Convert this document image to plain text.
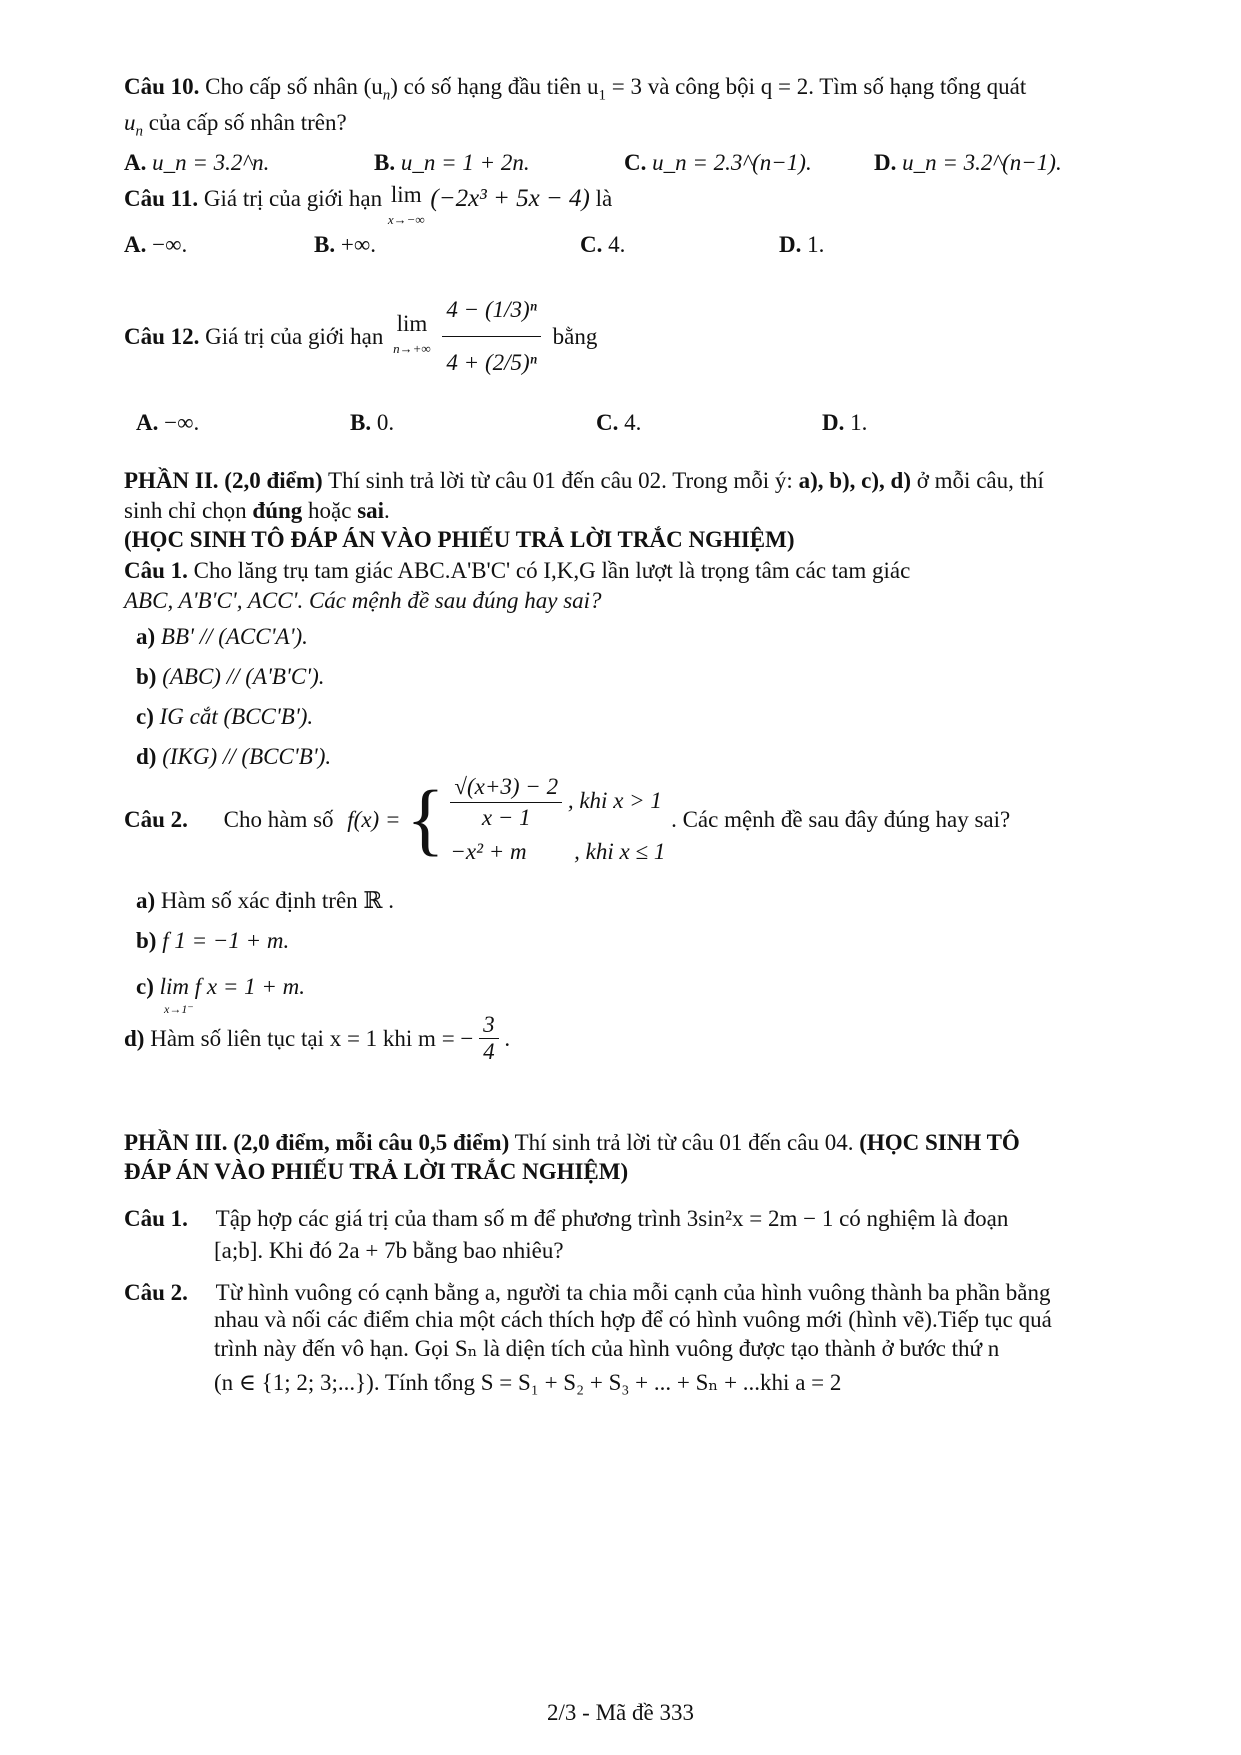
Câu 10. Cho cấp số nhân $(u_n)$ có số hạng đầu tiên $u_1 = 3$ và công bội q = 2. Tìm số hạng tổng quát
$u_n$ của cấp số nhân trên?
A. u_n = 3.2^n.	B. u_n = 1 + 2n.	C. u_n = 2.3^(n−1).	D. u_n = 3.2^(n−1).
Câu 11. Giá trị của giới hạn lim
x→−∞ (−2x³ + 5x − 4) là
A. −∞.	B. +∞.	C. 4.	D. 1.
Câu 12. Giá trị của giới hạn lim
$n\to+\infty \frac{\text{4 − (1/3)ⁿ}}{\text{4 + (2/5)ⁿ}}$ bằng
A. −∞.	B. 0.	C. 4.	D. 1.
PHẦN II. (2,0 điểm) Thí sinh trả lời từ câu 01 đến câu 02. Trong mỗi ý: a), b), c), d) ở mỗi câu, thí
sinh chỉ chọn đúng hoặc sai.
(HỌC SINH TÔ ĐÁP ÁN VÀO PHIẾU TRẢ LỜI TRẮC NGHIỆM)
Câu 1. Cho lăng trụ tam giác ABC.A'B'C' có I,K,G lần lượt là trọng tâm các tam giác
ABC, A'B'C', ACC'. Các mệnh đề sau đúng hay sai?
a) BB' // (ACC'A').
b) (ABC) // (A'B'C').
c) IG cắt (BCC'B').
d) (IKG) // (BCC'B').
Câu 2. Cho hàm số f(x) = { $\frac{√(x+3) - 2}{x - 1}$ , khi x > 1
−x² + m , khi x ≤ 1
. Các mệnh đề sau đây đúng hay sai?
a) Hàm số xác định trên ℝ .
b) f 1 = −1 + m.
c) lim f x = 1 + m.
x→1⁻
d) Hàm số liên tục tại x = 1 khi m = − $\frac{3}{4}$ .
PHẦN III. (2,0 điểm, mỗi câu 0,5 điểm) Thí sinh trả lời từ câu 01 đến câu 04. (HỌC SINH TÔ
ĐÁP ÁN VÀO PHIẾU TRẢ LỜI TRẮC NGHIỆM)
Câu 1. Tập hợp các giá trị của tham số m để phương trình 3sin²x = 2m − 1 có nghiệm là đoạn
[a;b]. Khi đó 2a + 7b bằng bao nhiêu?
Câu 2. Từ hình vuông có cạnh bằng a, người ta chia mỗi cạnh của hình vuông thành ba phần bằng
nhau và nối các điểm chia một cách thích hợp để có hình vuông mới (hình vẽ).Tiếp tục quá
trình này đến vô hạn. Gọi Sₙ là diện tích của hình vuông được tạo thành ở bước thứ n
(n ∈ {1; 2; 3;...}). Tính tổng S = S₁ + S₂ + S₃ + ... + Sₙ + ...khi a = 2
2/3 - Mã đề 333
